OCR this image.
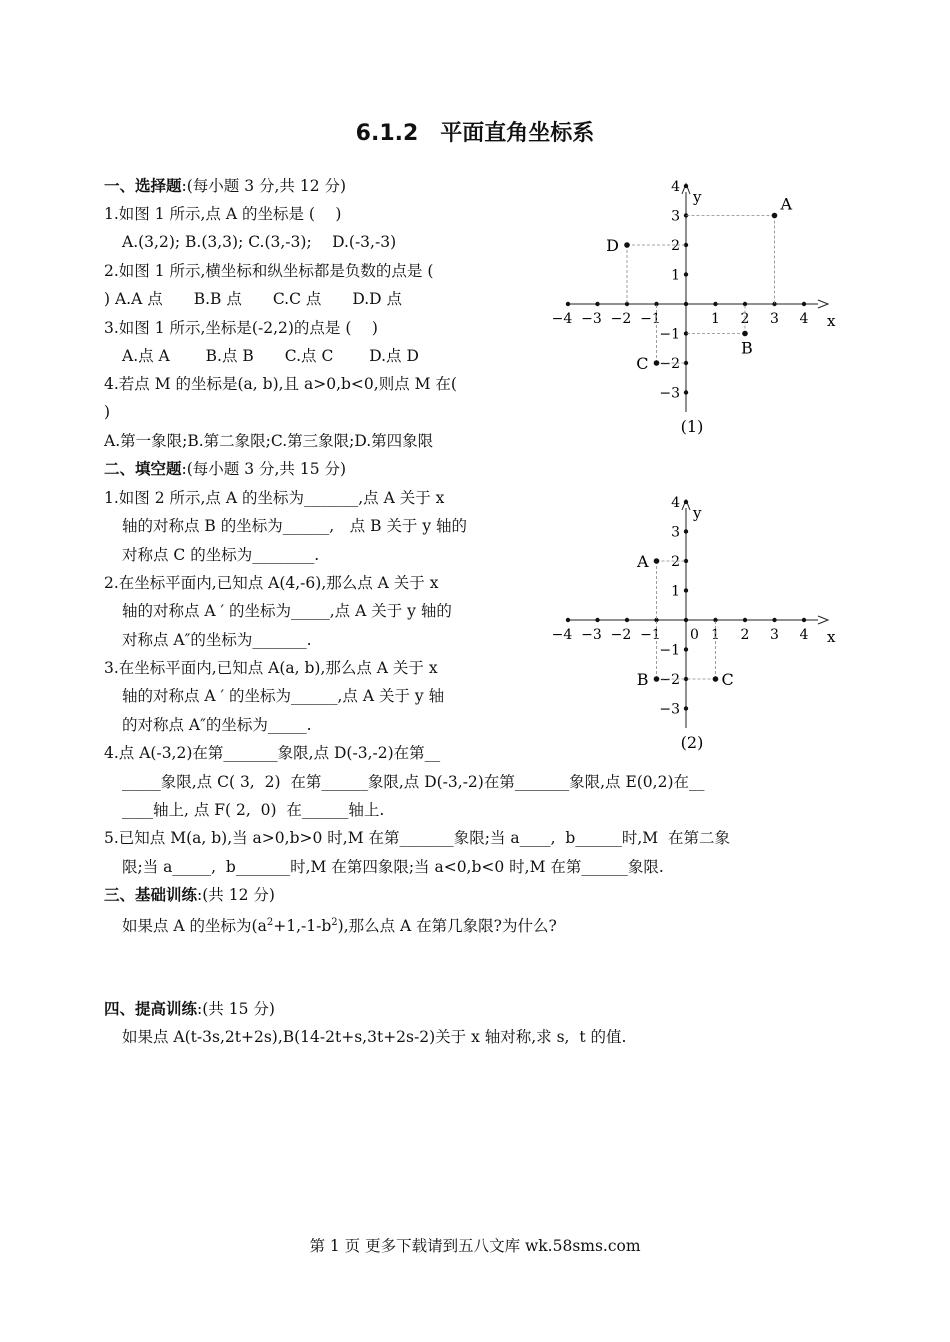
6.1.2　平面直角坐标系
一、选择题:(每小题 3 分,共 12 分)
1.如图 1 所示,点 A 的坐标是 (　 )
A.(3,2); B.(3,3); C.(3,-3);　 D.(-3,-3)
2.如图 1 所示,横坐标和纵坐标都是负数的点是 (
) A.A 点　　B.B 点　　C.C 点　　D.D 点
3.如图 1 所示,坐标是(-2,2)的点是 (　 )
A.点 A　　 B.点 B　　C.点 C　　 D.点 D
4.若点 M 的坐标是(a, b),且 a>0,b<0,则点 M 在(
)
A.第一象限;B.第二象限;C.第三象限;D.第四象限
二、填空题:(每小题 3 分,共 15 分)
1.如图 2 所示,点 A 的坐标为_______,点 A 关于 x
轴的对称点 B 的坐标为______,　点 B 关于 y 轴的
对称点 C 的坐标为________.
2.在坐标平面内,已知点 A(4,-6),那么点 A 关于 x
轴的对称点 A ′ 的坐标为_____,点 A 关于 y 轴的
对称点 A″的坐标为_______.
3.在坐标平面内,已知点 A(a, b),那么点 A 关于 x
轴的对称点 A ′ 的坐标为______,点 A 关于 y 轴
的对称点 A″的坐标为_____.
4.点 A(-3,2)在第_______象限,点 D(-3,-2)在第__
_____象限,点 C( 3,  2)  在第______象限,点 D(-3,-2)在第_______象限,点 E(0,2)在__
____轴上, 点 F( 2,  0)  在______轴上.
5.已知点 M(a, b),当 a>0,b>0 时,M 在第_______象限;当 a____,  b______时,M  在第二象
限;当 a_____,  b_______时,M 在第四象限;当 a<0,b<0 时,M 在第______象限.
三、基础训练:(共 12 分)
如果点 A 的坐标为$(a^2+1,-1-b^2)$,那么点 A 在第几象限?为什么?
四、提高训练:(共 15 分)
如果点 A(t-3s,2t+2s),B(14-2t+s,3t+2s-2)关于 x 轴对称,求 s,  t 的值.
x
y
−4 −3 −2 −1	1 2 3 4
4
3
2
1
−1
−2
−3
A
B
C
D
(1)
x
y
−4 −3 −2 −1	1 2 3 4
4
3
2
1
−1
−2
−3
0
A
B	C
(2)
第 1 页 更多下载请到五八文库 wk.58sms.com
